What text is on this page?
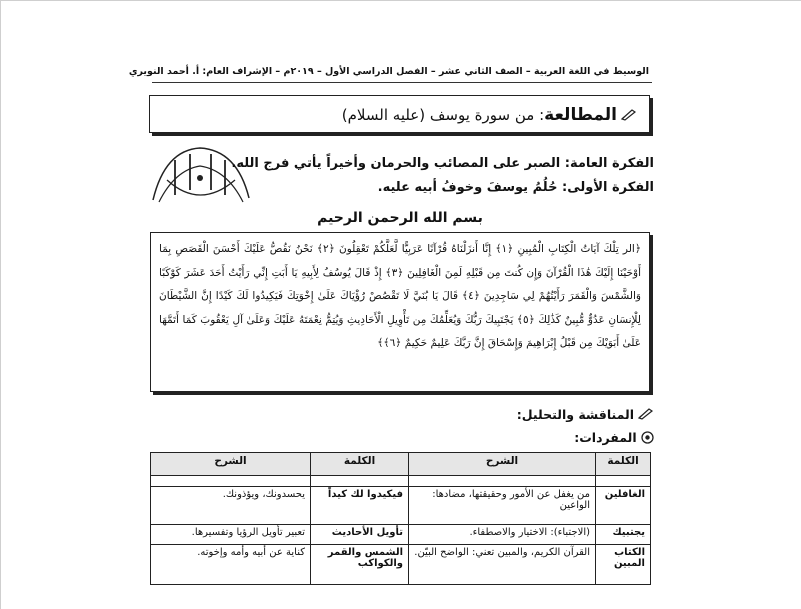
الوسيط في اللغة العربية – الصف الثاني عشر – الفصل الدراسي الأول – ٢٠١٩م – الإشراف العام: أ. أحمد النويري
المطالعة: من سورة يوسف (عليه السلام)
الفكرة العامة: الصبر على المصائب والحرمان وأخيراً يأتي فرج الله.
الفكرة الأولى: حُلُمُ يوسفَ وخوفُ أبيه عليه.
بسم الله الرحمن الرحيم
﴿الر تِلْكَ آيَاتُ الْكِتَابِ الْمُبِينِ ﴿١﴾ إِنَّا أَنزَلْنَاهُ قُرْآنًا عَرَبِيًّا لَّعَلَّكُمْ تَعْقِلُونَ ﴿٢﴾ نَحْنُ نَقُصُّ عَلَيْكَ أَحْسَنَ الْقَصَصِ بِمَا أَوْحَيْنَا إِلَيْكَ هَٰذَا الْقُرْآنَ وَإِن كُنتَ مِن قَبْلِهِ لَمِنَ الْغَافِلِينَ ﴿٣﴾ إِذْ قَالَ يُوسُفُ لِأَبِيهِ يَا أَبَتِ إِنِّي رَأَيْتُ أَحَدَ عَشَرَ كَوْكَبًا وَالشَّمْسَ وَالْقَمَرَ رَأَيْتُهُمْ لِي سَاجِدِينَ ﴿٤﴾ قَالَ يَا بُنَيَّ لَا تَقْصُصْ رُؤْيَاكَ عَلَىٰ إِخْوَتِكَ فَيَكِيدُوا لَكَ كَيْدًا إِنَّ الشَّيْطَانَ لِلْإِنسَانِ عَدُوٌّ مُّبِينٌ كَذَٰلِكَ ﴿٥﴾ يَجْتَبِيكَ رَبُّكَ وَيُعَلِّمُكَ مِن تَأْوِيلِ الْأَحَادِيثِ وَيُتِمُّ نِعْمَتَهُ عَلَيْكَ وَعَلَىٰ آلِ يَعْقُوبَ كَمَا أَتَمَّهَا عَلَىٰ أَبَوَيْكَ مِن قَبْلُ إِبْرَاهِيمَ وَإِسْحَاقَ إِنَّ رَبَّكَ عَلِيمٌ حَكِيمٌ ﴿٦﴾﴾
المناقشة والتحليل:
المفردات:
الكلمة	الشرح	الكلمة	الشرح

الغافلين	من يغفل عن الأمور وحقيقتها، مضادها: الواعين	فيكيدوا لك كيداً	يحسدونك، ويؤذونك.
يجتبيك	(الاجتباء): الاختيار والاصطفاء.	تأويل الأحاديث	تعبير تأويل الرؤيا وتفسيرها.
الكتاب المبين	القرآن الكريم، والمبين تعني: الواضح البيّن.	الشمس والقمر والكواكب	كناية عن أبيه وأمه وإخوته.
